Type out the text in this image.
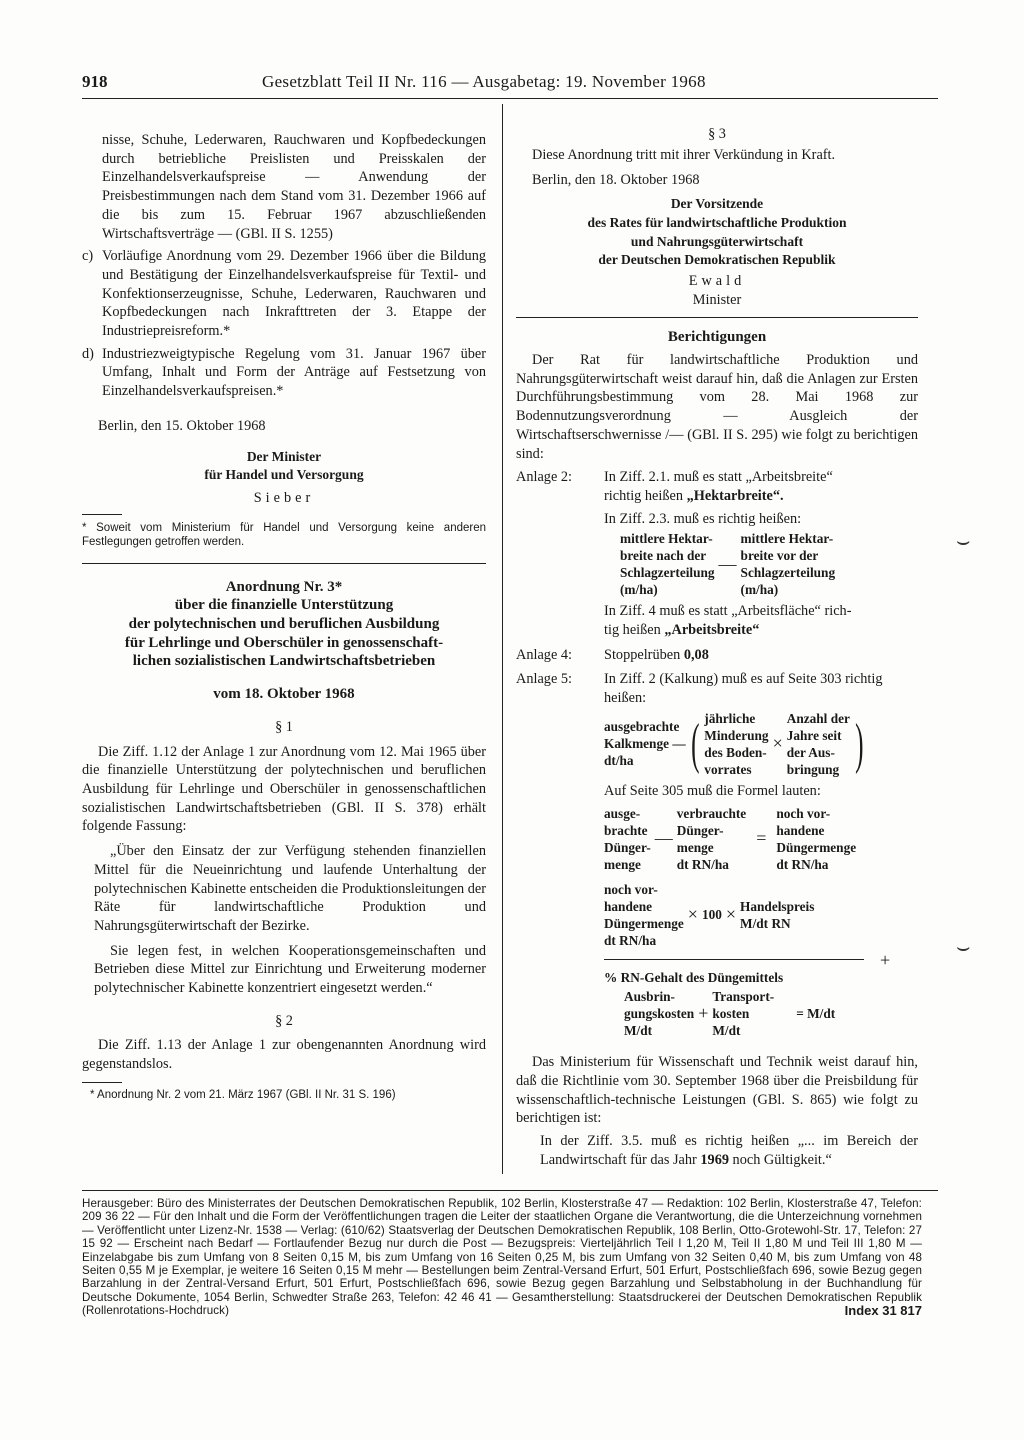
918	Gesetzblatt Teil II Nr. 116 — Ausgabetag: 19. November 1968

nisse, Schuhe, Lederwaren, Rauchwaren und Kopfbedeckungen durch betriebliche Preislisten und Preisskalen der Einzelhandelsverkaufspreise — Anwendung der Preisbestimmungen nach dem Stand vom 31. Dezember 1966 auf die bis zum 15. Februar 1967 abzuschließenden Wirtschaftsverträge — (GBl. II S. 1255)

c) Vorläufige Anordnung vom 29. Dezember 1966 über die Bildung und Bestätigung der Einzelhandelsverkaufspreise für Textil- und Konfektionserzeugnisse, Schuhe, Lederwaren, Rauchwaren und Kopfbedeckungen nach Inkrafttreten der 3. Etappe der Industriepreisreform.*
d) Industriezweigtypische Regelung vom 31. Januar 1967 über Umfang, Inhalt und Form der Anträge auf Festsetzung von Einzelhandelsverkaufspreisen.*

Berlin, den 15. Oktober 1968

Der Minister

für Handel und Versorgung

Sieber

* Soweit vom Ministerium für Handel und Versorgung keine anderen Festlegungen getroffen werden.

Anordnung Nr. 3*

über die finanzielle Unterstützung

der polytechnischen und beruflichen Ausbildung

für Lehrlinge und Oberschüler in genossenschaft-

lichen sozialistischen Landwirtschaftsbetrieben

vom 18. Oktober 1968

§ 1

Die Ziff. 1.12 der Anlage 1 zur Anordnung vom 12. Mai 1965 über die finanzielle Unterstützung der polytechnischen und beruflichen Ausbildung für Lehrlinge und Oberschüler in genossenschaftlichen sozialistischen Landwirtschaftsbetrieben (GBl. II S. 378) erhält folgende Fassung:

„Über den Einsatz der zur Verfügung stehenden finanziellen Mittel für die Neueinrichtung und laufende Unterhaltung der polytechnischen Kabinette entscheiden die Produktionsleitungen der Räte für landwirtschaftliche Produktion und Nahrungsgüterwirtschaft der Bezirke.

Sie legen fest, in welchen Kooperationsgemeinschaften und Betrieben diese Mittel zur Einrichtung und Erweiterung moderner polytechnischer Kabinette konzentriert eingesetzt werden.“

§ 2

Die Ziff. 1.13 der Anlage 1 zur obengenannten Anordnung wird gegenstandslos.

* Anordnung Nr. 2 vom 21. März 1967 (GBl. II Nr. 31 S. 196)

§ 3

Diese Anordnung tritt mit ihrer Verkündung in Kraft.

Berlin, den 18. Oktober 1968

Der Vorsitzende

des Rates für landwirtschaftliche Produktion

und Nahrungsgüterwirtschaft

der Deutschen Demokratischen Republik

Ewald

Minister

Berichtigungen

Der Rat für landwirtschaftliche Produktion und Nahrungsgüterwirtschaft weist darauf hin, daß die Anlagen zur Ersten Durchführungsbestimmung vom 28. Mai 1968 zur Bodennutzungsverordnung — Ausgleich der Wirtschaftserschwernisse /— (GBl. II S. 295) wie folgt zu berichtigen sind:

Anlage 2:	In Ziff. 2.1. muß es statt „Arbeitsbreite“

richtig heißen „Hektarbreite“.

In Ziff. 2.3. muß es richtig heißen:

mittlere Hektar-
breite nach der
Schlagzerteilung
(m/ha)
—
mittlere Hektar-
breite vor der
Schlagzerteilung
(m/ha)

In Ziff. 4 muß es statt „Arbeitsfläche“ rich-

tig heißen „Arbeitsbreite“

Anlage 4:	Stoppelrüben 0,08

Anlage 5:	In Ziff. 2 (Kalkung) muß es auf Seite 303 richtig heißen:

ausgebrachte
Kalkmenge —
dt/ha	( jährliche
Minderung
des Boden-
vorrates
×
Anzahl der
Jahre seit
der Aus-
bringung )

Auf Seite 305 muß die Formel lauten:

ausge-
brachte
Dünger-
menge
—
verbrauchte
Dünger-
menge
dt RN/ha
=
noch vor-
handene
Düngermenge
dt RN/ha
noch vor-
handene
Düngermenge
dt RN/ha
× 100 × Handelspreis
M/dt RN
+

% RN-Gehalt des Düngemittels

Ausbrin-
gungskosten
M/dt
+
Transport-
kosten
M/dt
= M/dt

Das Ministerium für Wissenschaft und Technik weist darauf hin, daß die Richtlinie vom 30. September 1968 über die Preisbildung für wissenschaftlich-technische Leistungen (GBl. S. 865) wie folgt zu berichtigen ist:

In der Ziff. 3.5. muß es richtig heißen „... im Bereich der Landwirtschaft für das Jahr 1969 noch Gültigkeit.“

Herausgeber: Büro des Ministerrates der Deutschen Demokratischen Republik, 102 Berlin, Klosterstraße 47 — Redaktion: 102 Berlin, Klosterstraße 47, Telefon: 209 36 22 — Für den Inhalt und die Form der Veröffentlichungen tragen die Leiter der staatlichen Organe die Verantwortung, die die Unterzeichnung vornehmen — Veröffentlicht unter Lizenz-Nr. 1538 — Verlag: (610/62) Staatsverlag der Deutschen Demokratischen Republik, 108 Berlin, Otto-Grotewohl-Str. 17, Telefon: 27 15 92 — Erscheint nach Bedarf — Fortlaufender Bezug nur durch die Post — Bezugspreis: Vierteljährlich Teil I 1,20 M, Teil II 1,80 M und Teil III 1,80 M — Einzelabgabe bis zum Umfang von 8 Seiten 0,15 M, bis zum Umfang von 16 Seiten 0,25 M, bis zum Umfang von 32 Seiten 0,40 M, bis zum Umfang von 48 Seiten 0,55 M je Exemplar, je weitere 16 Seiten 0,15 M mehr — Bestellungen beim Zentral-Versand Erfurt, 501 Erfurt, Postschließfach 696, sowie Bezug gegen Barzahlung in der Zentral-Versand Erfurt, 501 Erfurt, Postschließfach 696, sowie Bezug gegen Barzahlung und Selbstabholung in der Buchhandlung für Deutsche Dokumente, 1054 Berlin, Schwedter Straße 263, Telefon: 42 46 41 — Gesamtherstellung: Staatsdruckerei der Deutschen Demokratischen Republik (Rollenrotations-Hochdruck)	Index 31 817
⌣
⌣
